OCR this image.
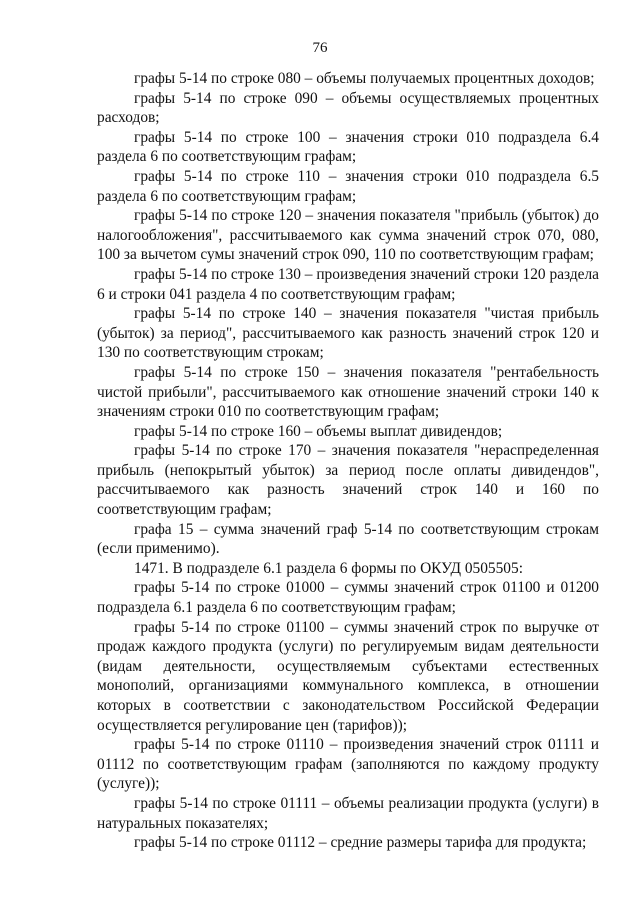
76

графы 5-14 по строке 080 – объемы получаемых процентных доходов;

графы 5-14 по строке 090 – объемы осуществляемых процентных расходов;

графы 5-14 по строке 100 – значения строки 010 подраздела 6.4 раздела 6 по соответствующим графам;

графы 5-14 по строке 110 – значения строки 010 подраздела 6.5 раздела 6 по соответствующим графам;

графы 5-14 по строке 120 – значения показателя "прибыль (убыток) до налогообложения", рассчитываемого как сумма значений строк 070, 080, 100 за вычетом сумы значений строк 090, 110 по соответствующим графам;

графы 5-14 по строке 130 – произведения значений строки 120 раздела 6 и строки 041 раздела 4 по соответствующим графам;

графы 5-14 по строке 140 – значения показателя "чистая прибыль (убыток) за период", рассчитываемого как разность значений строк 120 и 130 по соответствующим строкам;

графы 5-14 по строке 150 – значения показателя "рентабельность чистой прибыли", рассчитываемого как отношение значений строки 140 к значениям строки 010 по соответствующим графам;

графы 5-14 по строке 160 – объемы выплат дивидендов;

графы 5-14 по строке 170 – значения показателя "нераспределенная прибыль (непокрытый убыток) за период после оплаты дивидендов", рассчитываемого как разность значений строк 140 и 160 по соответствующим графам;

графа 15 – сумма значений граф 5-14 по соответствующим строкам (если применимо).

1471. В подразделе 6.1 раздела 6 формы по ОКУД 0505505:

графы 5-14 по строке 01000 – суммы значений строк 01100 и 01200 подраздела 6.1 раздела 6 по соответствующим графам;

графы 5-14 по строке 01100 – суммы значений строк по выручке от продаж каждого продукта (услуги) по регулируемым видам деятельности (видам деятельности, осуществляемым субъектами естественных монополий, организациями коммунального комплекса, в отношении которых в соответствии с законодательством Российской Федерации осуществляется регулирование цен (тарифов));

графы 5-14 по строке 01110 – произведения значений строк 01111 и 01112 по соответствующим графам (заполняются по каждому продукту (услуге));

графы 5-14 по строке 01111 – объемы реализации продукта (услуги) в натуральных показателях;

графы 5-14 по строке 01112 – средние размеры тарифа для продукта;
